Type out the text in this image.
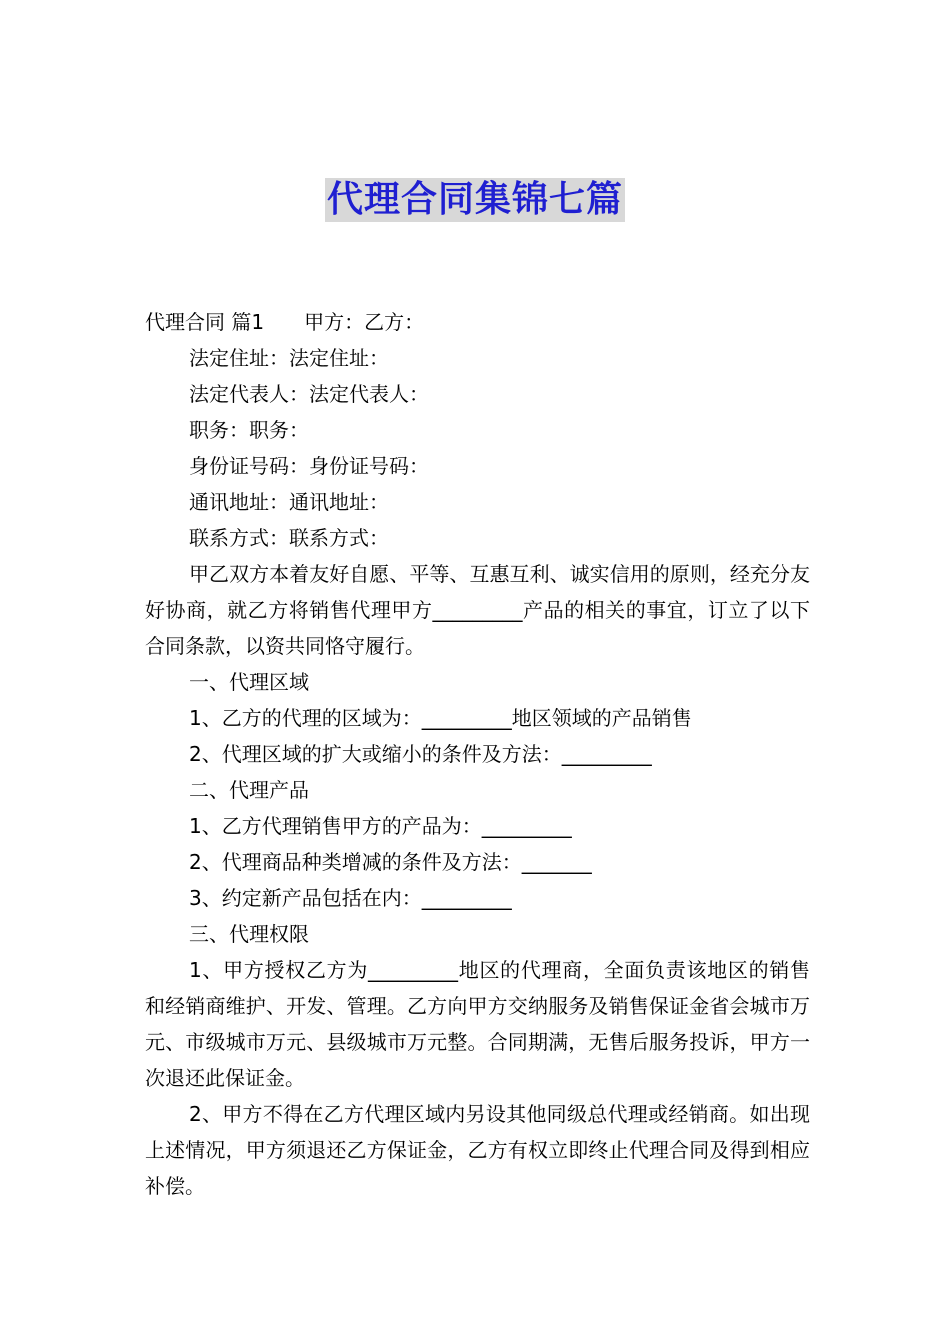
代理合同集锦七篇

代理合同 篇1 甲方：乙方：

法定住址：法定住址：

法定代表人：法定代表人：

职务：职务：

身份证号码：身份证号码：

通讯地址：通讯地址：

联系方式：联系方式：

甲乙双方本着友好自愿、平等、互惠互利、诚实信用的原则，经充分友好协商，就乙方将销售代理甲方_________产品的相关的事宜，订立了以下合同条款，以资共同恪守履行。

一、代理区域

1、乙方的代理的区域为：_________地区领域的产品销售

2、代理区域的扩大或缩小的条件及方法：_________

二、代理产品

1、乙方代理销售甲方的产品为：_________

2、代理商品种类增减的条件及方法：_______

3、约定新产品包括在内：_________

三、代理权限

1、甲方授权乙方为_________地区的代理商，全面负责该地区的销售和经销商维护、开发、管理。乙方向甲方交纳服务及销售保证金省会城市万元、市级城市万元、县级城市万元整。合同期满，无售后服务投诉，甲方一次退还此保证金。

2、甲方不得在乙方代理区域内另设其他同级总代理或经销商。如出现上述情况，甲方须退还乙方保证金，乙方有权立即终止代理合同及得到相应补偿。
